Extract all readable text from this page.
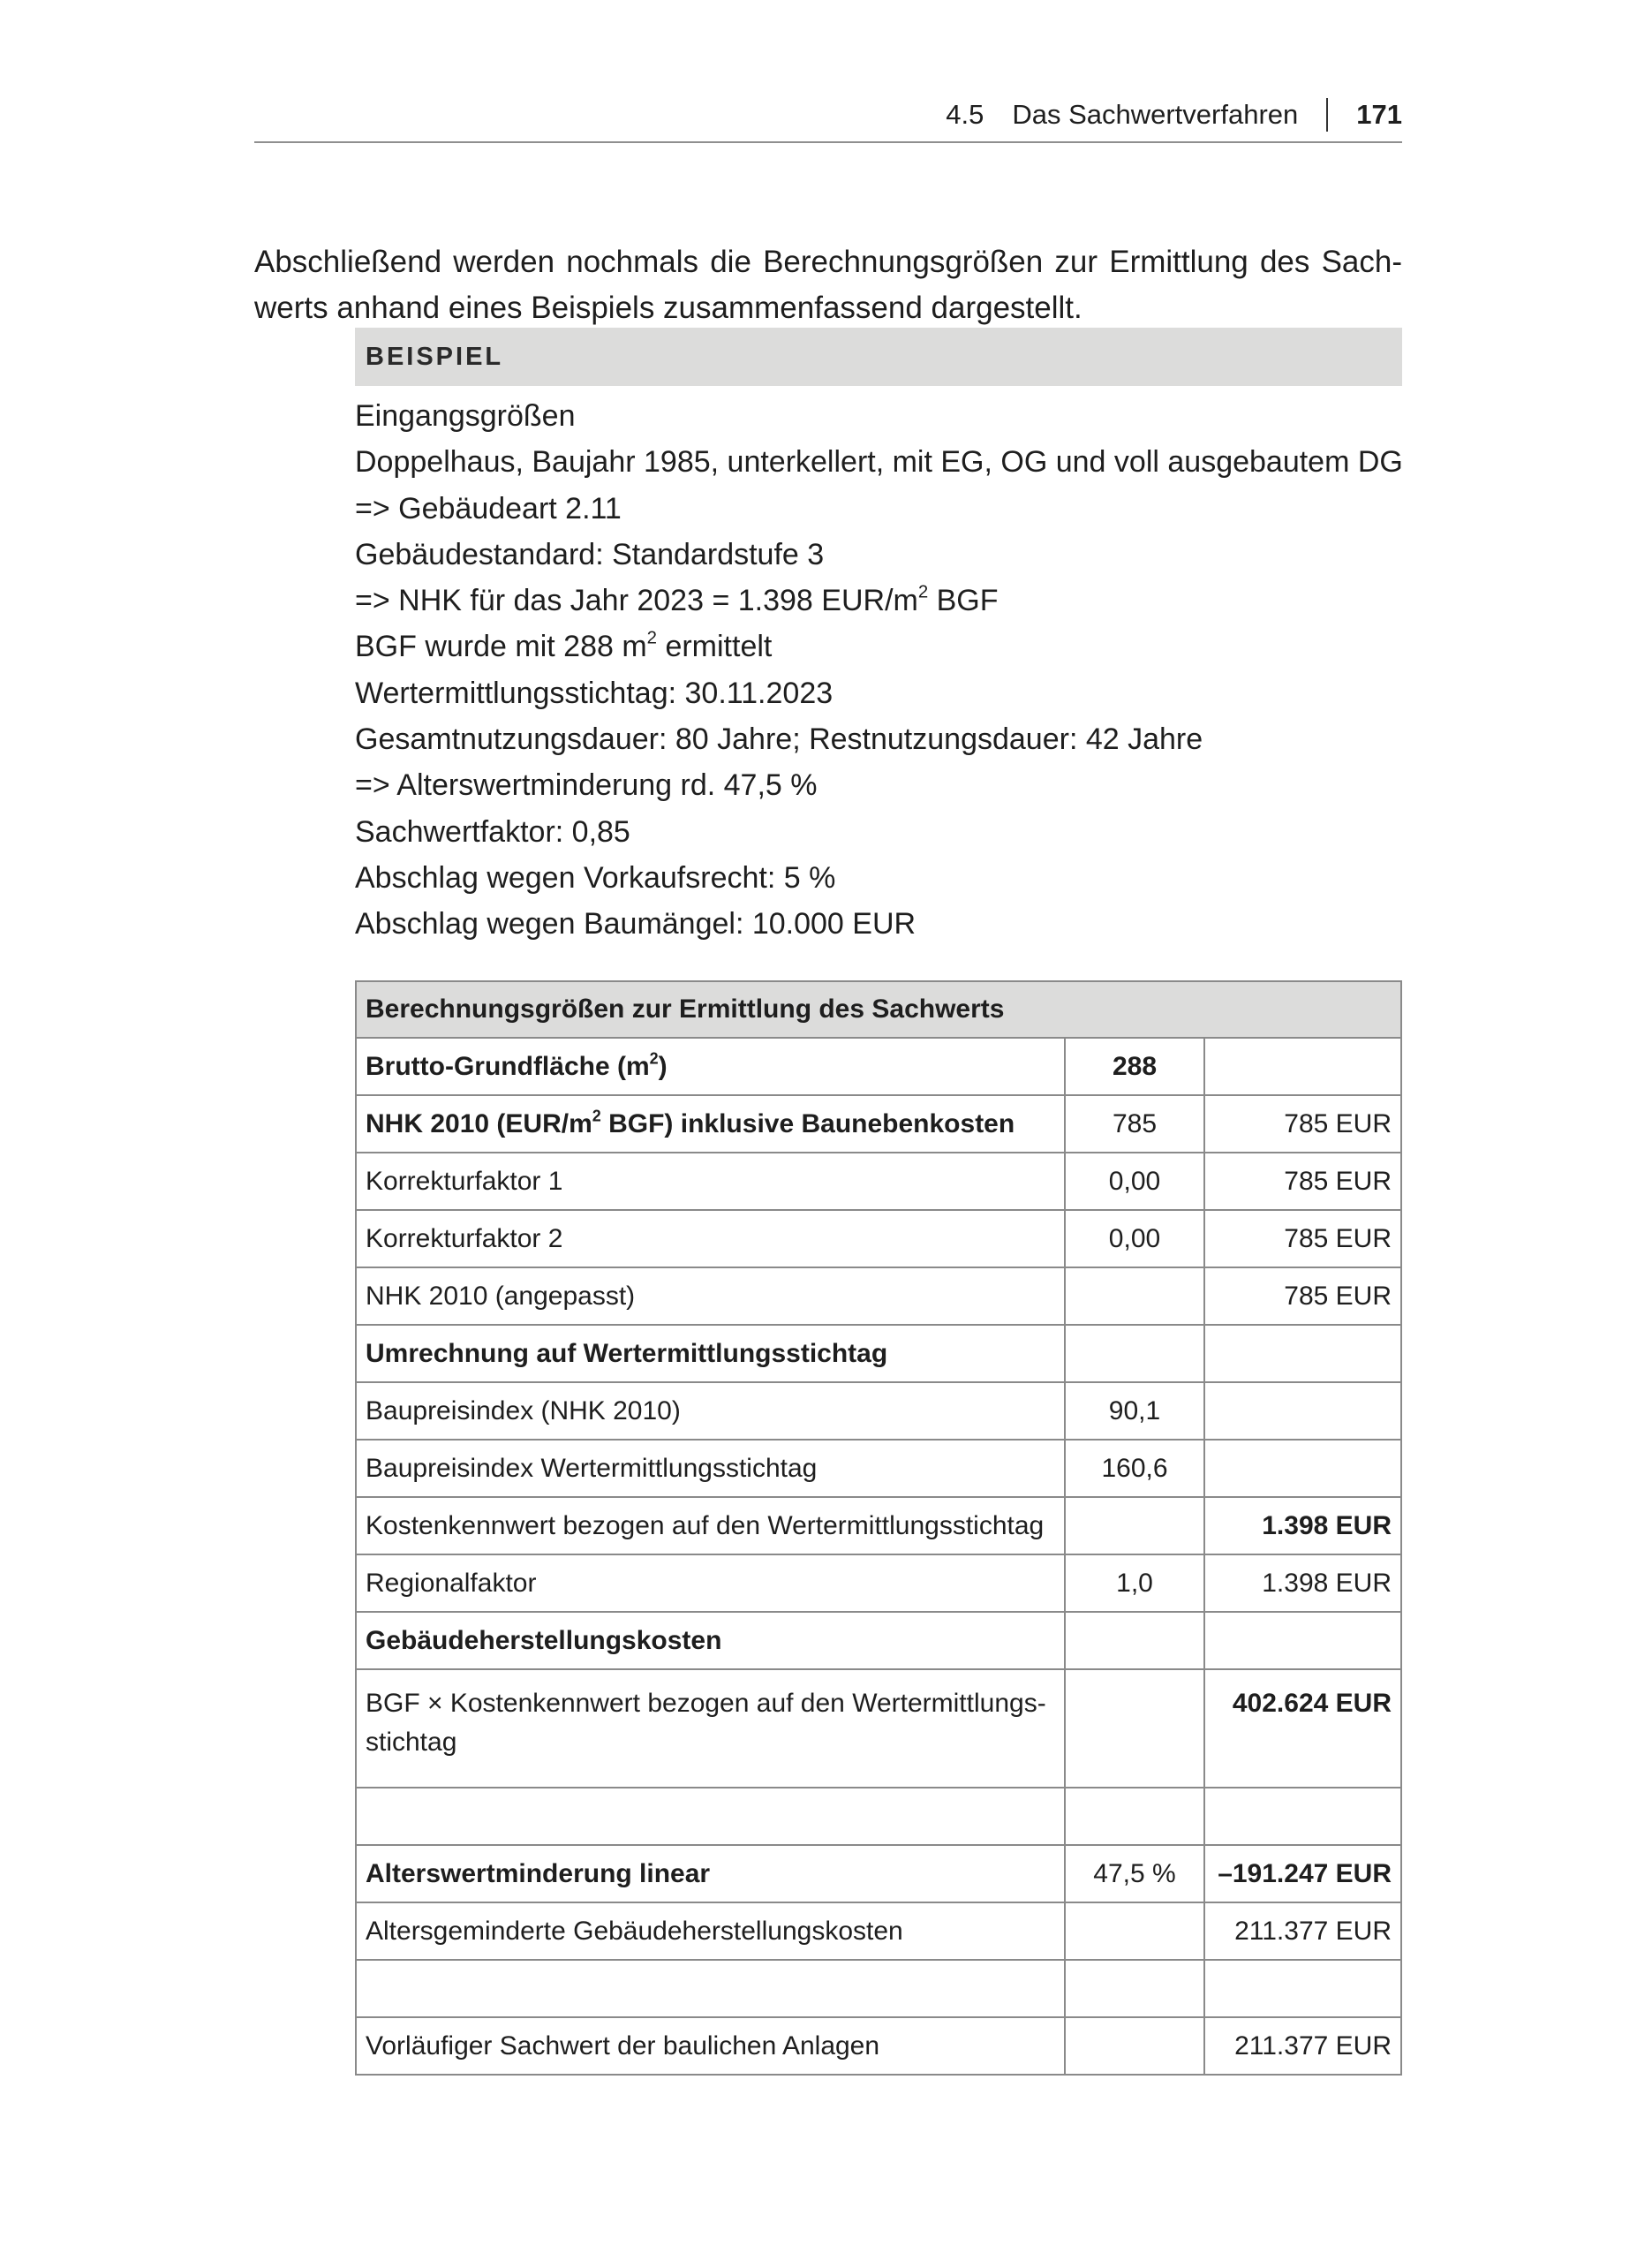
4.5 Das Sachwertverfahren 171

Abschließend werden nochmals die Berechnungsgrößen zur Ermittlung des Sachwerts anhand eines Beispiels zusammenfassend dargestellt.

BEISPIEL
Eingangsgrößen
Doppelhaus, Baujahr 1985, unterkellert, mit EG, OG und voll ausgebautem DG
=> Gebäudeart 2.11
Gebäudestandard: Standardstufe 3
=> NHK für das Jahr 2023 = 1.398 EUR/$m^2$ BGF
BGF wurde mit 288 $m^2$ ermittelt
Wertermittlungsstichtag: 30.11.2023
Gesamtnutzungsdauer: 80 Jahre; Restnutzungsdauer: 42 Jahre
=> Alterswertminderung rd. 47,5 %
Sachwertfaktor: 0,85
Abschlag wegen Vorkaufsrecht: 5 %
Abschlag wegen Baumängel: 10.000 EUR
Berechnungsgrößen zur Ermittlung des Sachwerts		
Brutto-Grundfläche $(m^2)$	288	
NHK 2010 ($EUR/m^2$ BGF) inklusive Baunebenkosten	785	785 EUR
Korrekturfaktor 1	0,00	785 EUR
Korrekturfaktor 2	0,00	785 EUR
NHK 2010 (angepasst)		785 EUR
Umrechnung auf Wertermittlungsstichtag		
Baupreisindex (NHK 2010)	90,1	
Baupreisindex Wertermittlungsstichtag	160,6	
Kostenkennwert bezogen auf den Wertermittlungsstichtag		1.398 EUR
Regionalfaktor	1,0	1.398 EUR
Gebäudeherstellungskosten		
BGF × Kostenkennwert bezogen auf den Wertermittlungs-
stichtag		402.624 EUR

Alterswertminderung linear	47,5 %	–191.247 EUR
Altersgeminderte Gebäudeherstellungskosten		211.377 EUR

Vorläufiger Sachwert der baulichen Anlagen		211.377 EUR
